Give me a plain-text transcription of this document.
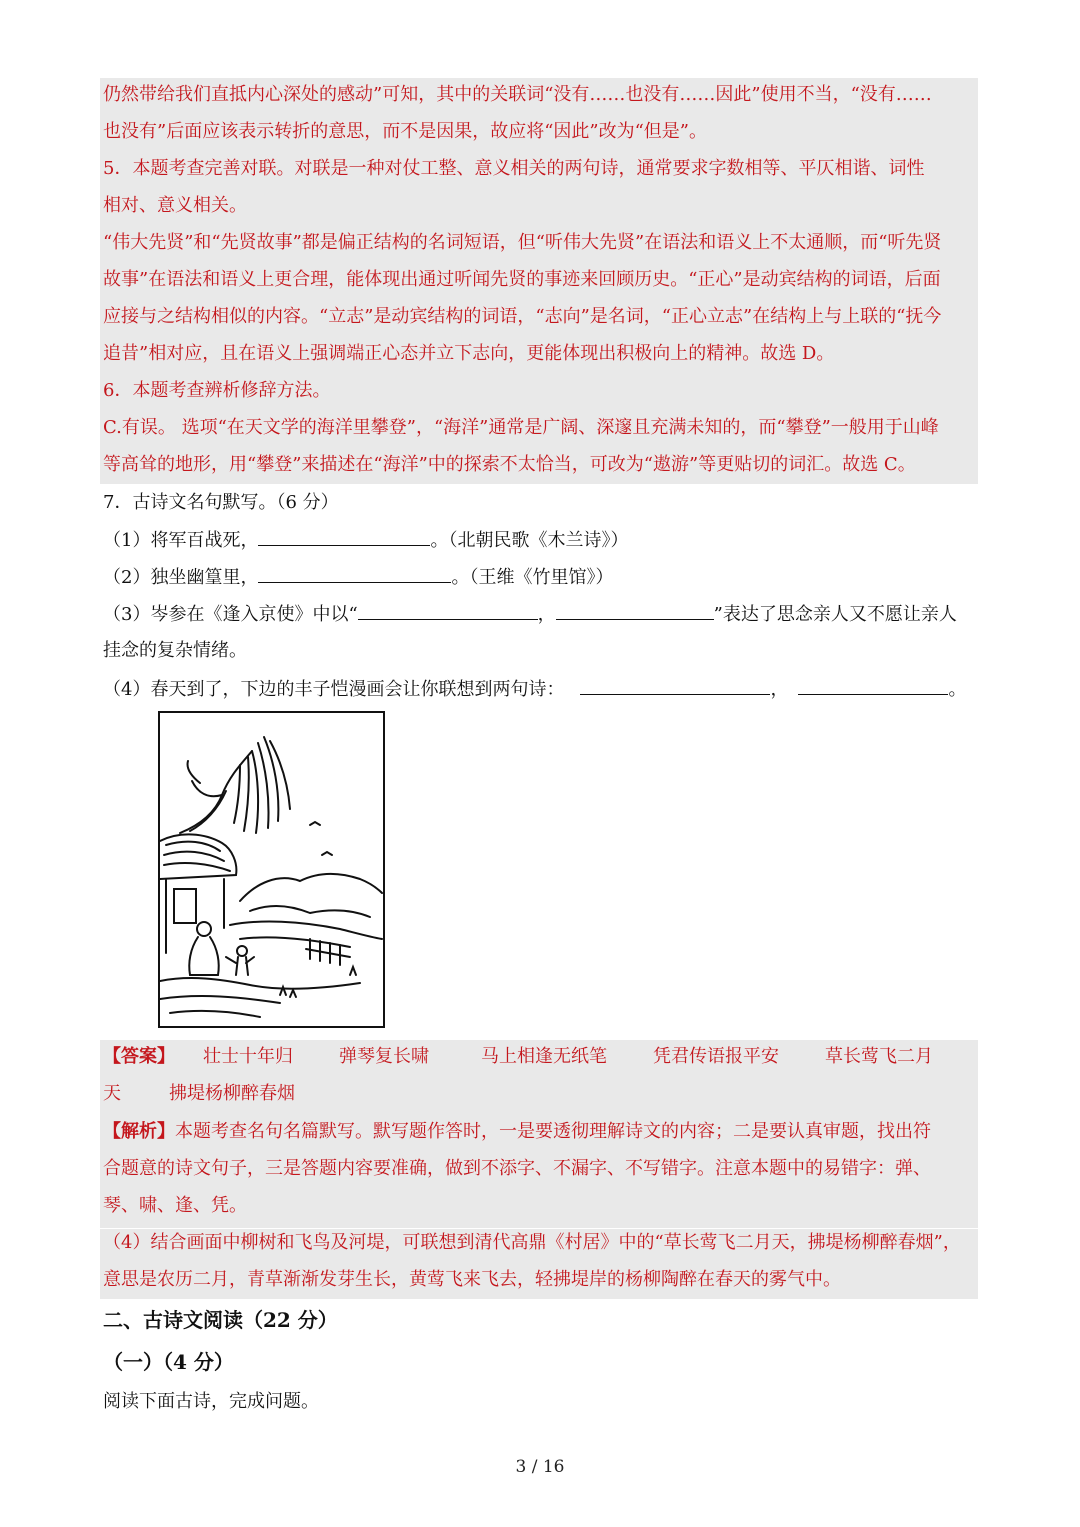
仍然带给我们直抵内心深处的感动”可知，其中的关联词“没有……也没有……因此”使用不当，“没有……
也没有”后面应该表示转折的意思，而不是因果，故应将“因此”改为“但是”。
5．本题考查完善对联。对联是一种对仗工整、意义相关的两句诗，通常要求字数相等、平仄相谐、词性
相对、意义相关。
“伟大先贤”和“先贤故事”都是偏正结构的名词短语，但“听伟大先贤”在语法和语义上不太通顺，而“听先贤
故事”在语法和语义上更合理，能体现出通过听闻先贤的事迹来回顾历史。“正心”是动宾结构的词语，后面
应接与之结构相似的内容。“立志”是动宾结构的词语，“志向”是名词，“正心立志”在结构上与上联的“抚今
追昔”相对应，且在语义上强调端正心态并立下志向，更能体现出积极向上的精神。故选 D。
6．本题考查辨析修辞方法。
C.有误。 选项“在天文学的海洋里攀登”，“海洋”通常是广阔、深邃且充满未知的，而“攀登”一般用于山峰
等高耸的地形，用“攀登”来描述在“海洋”中的探索不太恰当，可改为“遨游”等更贴切的词汇。故选 C。
7．古诗文名句默写。（6 分）
（1）将军百战死，	。（北朝民歌《木兰诗》）
（2）独坐幽篁里，	。（王维《竹里馆》）
（3）岑参在《逢入京使》中以“	，	”表达了思念亲人又不愿让亲人
挂念的复杂情绪。
（4）春天到了，下边的丰子恺漫画会让你联想到两句诗：	，	。
【答案】 壮士十年归	弹琴复长啸	马上相逢无纸笔	凭君传语报平安	草长莺飞二月
天	拂堤杨柳醉春烟
【解析】本题考查名句名篇默写。默写题作答时，一是要透彻理解诗文的内容；二是要认真审题，找出符
合题意的诗文句子，三是答题内容要准确，做到不添字、不漏字、不写错字。注意本题中的易错字：弹、
琴、啸、逢、凭。
（4）结合画面中柳树和飞鸟及河堤，可联想到清代高鼎《村居》中的“草长莺飞二月天，拂堤杨柳醉春烟”，
意思是农历二月，青草渐渐发芽生长，黄莺飞来飞去，轻拂堤岸的杨柳陶醉在春天的雾气中。
二、古诗文阅读（22 分）
（一）（4 分）
阅读下面古诗，完成问题。
3 / 16
